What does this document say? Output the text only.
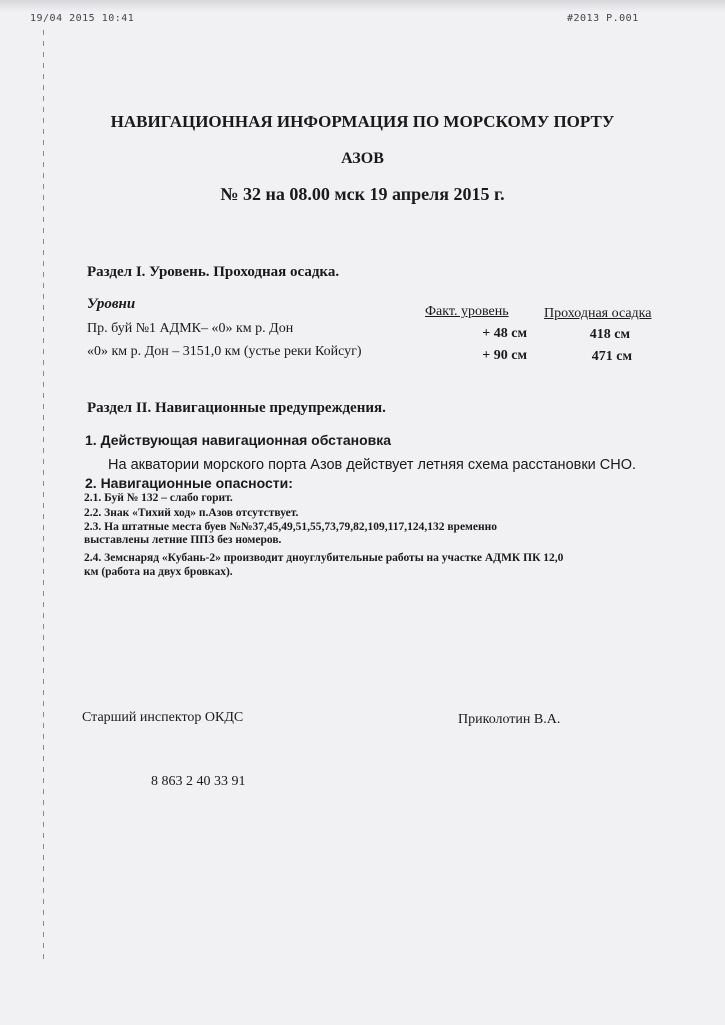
19/04 2015 10:41	#2013 P.001
НАВИГАЦИОННАЯ ИНФОРМАЦИЯ ПО МОРСКОМУ ПОРТУ
АЗОВ
№ 32 на 08.00 мск 19 апреля 2015 г.
Раздел I. Уровень. Проходная осадка.
Уровни	Факт. уровень	Проходная осадка
Пр. буй №1 АДМК– «0» км р. Дон	+ 48 см	418 см
«0» км р. Дон – 3151,0 км (устье реки Койсуг)	+ 90 см	471 см
Раздел II. Навигационные предупреждения.
1. Действующая навигационная обстановка
На акватории морского порта Азов действует летняя схема расстановки СНО.
2. Навигационные опасности:
2.1. Буй № 132 – слабо горит.
2.2. Знак «Тихий ход» п.Азов отсутствует.
2.3. На штатные места буев №№37,45,49,51,55,73,79,82,109,117,124,132 временно
выставлены летние ППЗ без номеров.
2.4. Земснаряд «Кубань-2» производит дноуглубительные работы на участке АДМК ПК 12,0
км (работа на двух бровках).
Старший инспектор ОКДС	Приколотин В.А.
8 863 2 40 33 91
